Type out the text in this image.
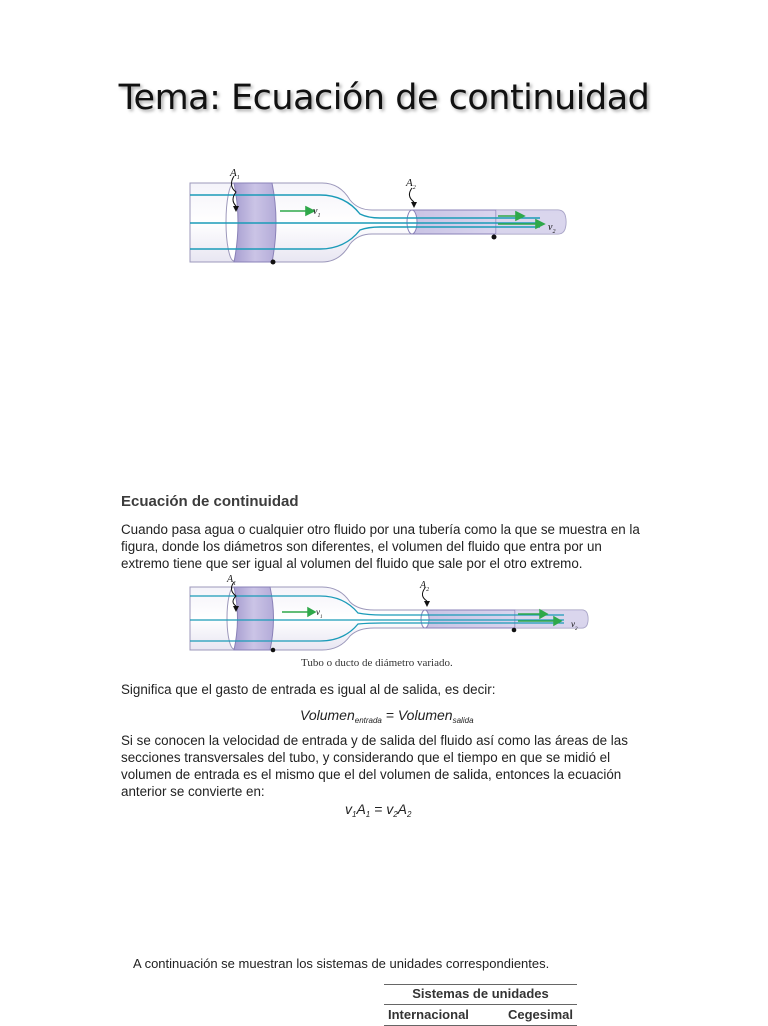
Tema: Ecuación de continuidad
$A_1$	$A_2$
$v_1$
$v_2$
Ecuación de continuidad
Cuando pasa agua o cualquier otro fluido por una tubería como la que se muestra en la figura, donde los diámetros son diferentes, el volumen del fluido que entra por un extremo tiene que ser igual al volumen del fluido que sale por el otro extremo.
$A_1$	$A_2$
$v_1$
$v_2$
Tubo o ducto de diámetro variado.
Significa que el gasto de entrada es igual al de salida, es decir:
Volumen$_{entrada}$ = Volumen$_{salida}$
Si se conocen la velocidad de entrada y de salida del fluido así como las áreas de las secciones transversales del tubo, y considerando que el tiempo en que se midió el volumen de entrada es el mismo que el del volumen de salida, entonces la ecuación anterior se convierte en:
$v_1A_1 = v_2A_2$
A continuación se muestran los sistemas de unidades correspondientes.
Sistemas de unidades
Internacional	Cegesimal
